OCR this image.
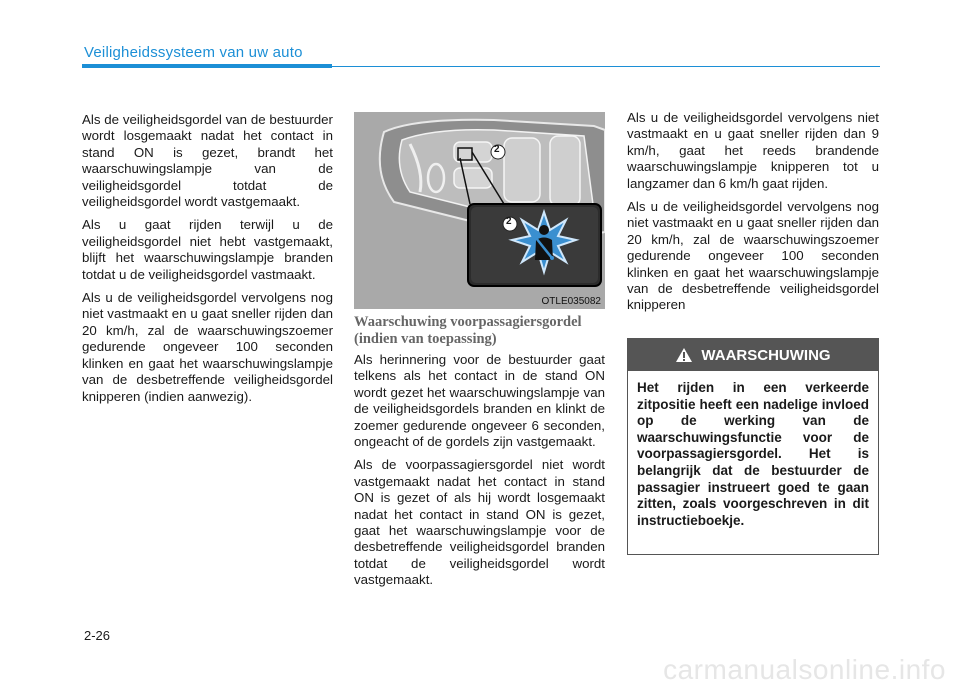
Veiligheidssysteem van uw auto

Als de veiligheidsgordel van de bestuurder wordt losgemaakt nadat het contact in stand ON is gezet, brandt het waarschuwingslampje van de veiligheidsgordel totdat de veiligheidsgordel wordt vastgemaakt.

Als u gaat rijden terwijl u de veiligheidsgordel niet hebt vastgemaakt, blijft het waarschuwingslampje branden totdat u de veiligheidsgordel vastmaakt.

Als u de veiligheidsgordel vervolgens nog niet vastmaakt en u gaat sneller rijden dan 20 km/h, zal de waarschuwingszoemer gedurende ongeveer 100 seconden klinken en gaat het waarschuwingslampje van de desbetreffende veiligheidsgordel knipperen (indien aanwezig).

2
2
OTLE035082
Waarschuwing voorpassagiersgordel (indien van toepassing)

Als herinnering voor de bestuurder gaat telkens als het contact in de stand ON wordt gezet het waarschuwingslampje van de veiligheidsgordels branden en klinkt de zoemer gedurende ongeveer 6 seconden, ongeacht of de gordels zijn vastgemaakt.

Als de voorpassagiersgordel niet wordt vastgemaakt nadat het contact in stand ON is gezet of als hij wordt losgemaakt nadat het contact in stand ON is gezet, gaat het waarschuwingslampje voor de desbetreffende veiligheidsgordel branden totdat de veiligheidsgordel wordt vastgemaakt.

Als u de veiligheidsgordel vervolgens niet vastmaakt en u gaat sneller rijden dan 9 km/h, gaat het reeds brandende waarschuwingslampje knipperen tot u langzamer dan 6 km/h gaat rijden.

Als u de veiligheidsgordel vervolgens nog niet vastmaakt en u gaat sneller rijden dan 20 km/h, zal de waarschuwingszoemer gedurende ongeveer 100 seconden klinken en gaat het waarschuwingslampje van de desbetreffende veiligheidsgordel knipperen

WAARSCHUWING
Het rijden in een verkeerde zitpositie heeft een nadelige invloed op de werking van de waarschuwingsfunctie voor de voorpassagiersgordel. Het is belangrijk dat de bestuurder de passagier instrueert goed te gaan zitten, zoals voorgeschreven in dit instructieboekje.
2-26
carmanualsonline.info
